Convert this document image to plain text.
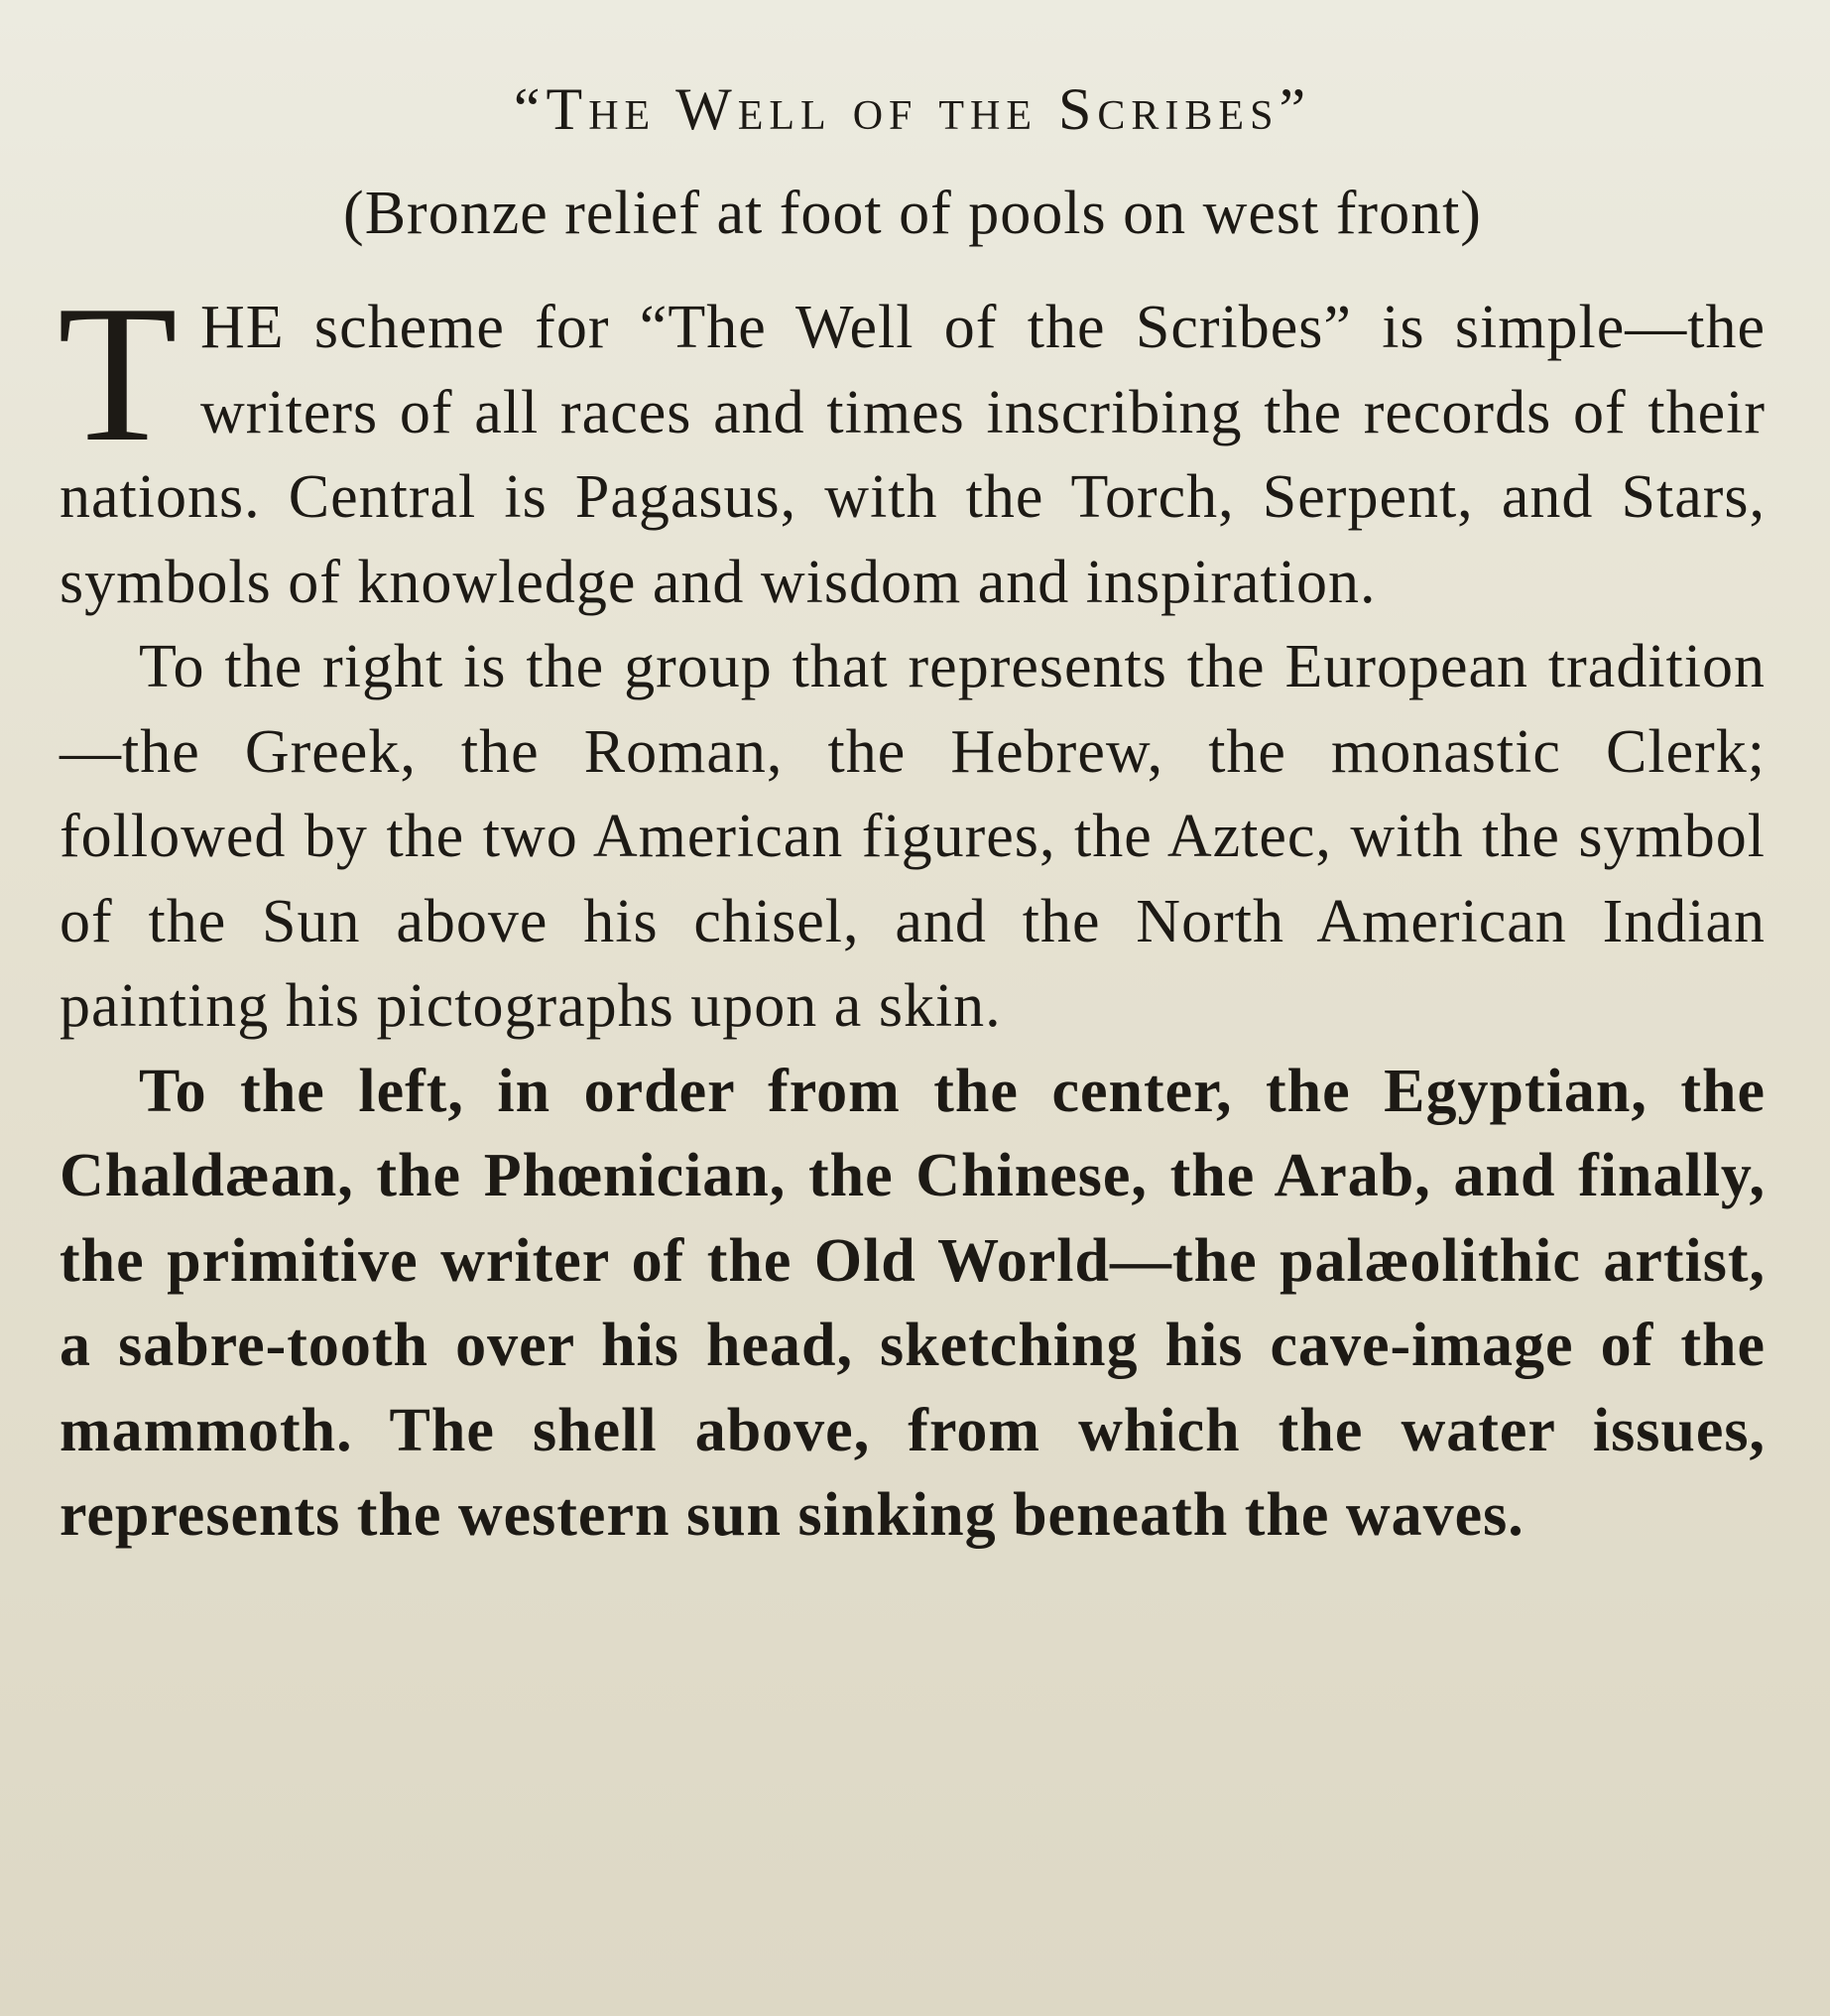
“The Well of the Scribes”
(Bronze relief at foot of pools on west front)

T HE scheme for “The Well of the Scribes” is simple—the writers of all races and times inscribing the records of their nations. Central is Pagasus, with the Torch, Serpent, and Stars, symbols of knowledge and wisdom and inspiration.

To the right is the group that represents the European tradition—the Greek, the Roman, the Hebrew, the monastic Clerk; followed by the two American figures, the Aztec, with the symbol of the Sun above his chisel, and the North American Indian painting his pictographs upon a skin.

To the left, in order from the center, the Egyptian, the Chaldæan, the Phœnician, the Chinese, the Arab, and finally, the primitive writer of the Old World—the palæolithic artist, a sabre-tooth over his head, sketching his cave-image of the mammoth. The shell above, from which the water issues, represents the western sun sinking beneath the waves.
